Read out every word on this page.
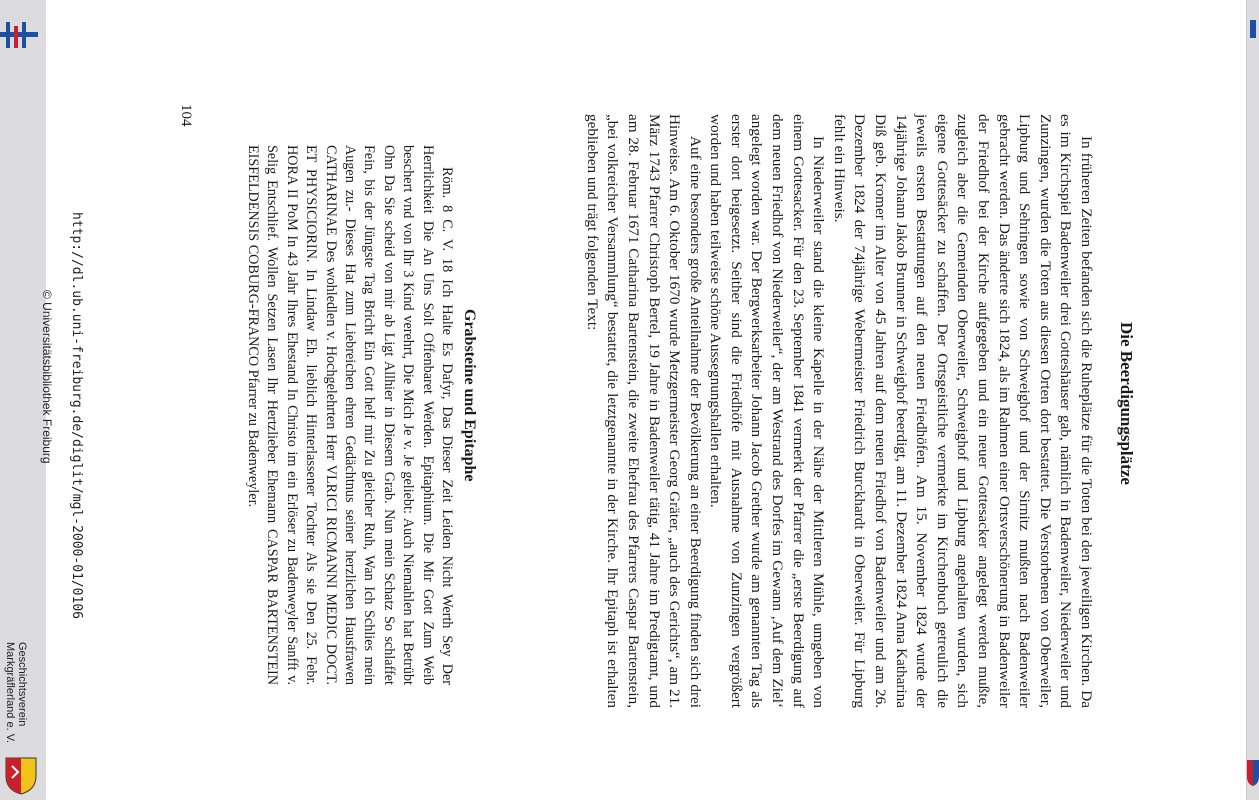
Die Beerdigungsplätze

In früheren Zeiten befanden sich die Ruheplätze für die Toten bei den jeweiligen Kirchen. Da es im Kirchspiel Badenweiler drei Gotteshäuser gab, nämlich in Badenweiler, Niederweiler und Zunzingen, wurden die Toten aus diesen Orten dort bestattet. Die Verstorbenen von Oberweiler, Lipburg und Sehringen sowie von Schweighof und der Sirnitz mußten nach Badenweiler gebracht werden. Das änderte sich 1824, als im Rahmen einer Ortsverschönerung in Badenweiler der Friedhof bei der Kirche aufgegeben und ein neuer Gottesacker angelegt werden mußte, zugleich aber die Gemeinden Oberweiler, Schweighof und Lipburg angehalten wurden, sich eigene Gottesäcker zu schaffen. Der Ortsgeistliche vermerkte im Kirchenbuch getreulich die jeweils ersten Bestattungen auf den neuen Friedhöfen. Am 15. November 1824 wurde der 14jährige Johann Jakob Brunner in Schweighof beerdigt, am 11. Dezember 1824 Anna Katharina Diß geb. Kromer im Alter von 45 Jahren auf dem neuen Friedhof von Badenweiler und am 26. Dezember 1824 der 74jährige Webermeister Friedrich Burckhardt in Oberweiler. Für Lipburg fehlt ein Hinweis.

In Niederweiler stand die kleine Kapelle in der Nähe der Mittleren Mühle, umgeben von einem Gottesacker. Für den 23. September 1841 vermerkt der Pfarrer die „erste Beerdigung auf dem neuen Friedhof von Niederweiler“, der am Westrand des Dorfes im Gewann ‚Auf dem Ziel‘ angelegt worden war. Der Bergwerksarbeiter Johann Jacob Grether wurde am genannten Tag als erster dort beigesetzt. Seither sind die Friedhöfe mit Ausnahme von Zunzingen vergrößert worden und haben teilweise schöne Aussegnungshallen erhalten.

Auf eine besonders große Anteilnahme der Bevölkerung an einer Beerdigung finden sich drei Hinweise. Am 6. Oktober 1670 wurde Metzgermeister Georg Gräter, „auch des Gerichts“, am 21. März 1743 Pfarrer Christoph Bertel, 19 Jahre in Badenweiler tätig, 41 Jahre im Predigtamt, und am 28. Februar 1671 Catharina Bartenstein, die zweite Ehefrau des Pfarrers Caspar Bartenstein, „bei volkreicher Versammlung“ bestattet, die letztgenannte in der Kirche. Ihr Epitaph ist erhalten geblieben und trägt folgenden Text:

Grabsteine und Epitaphe

Röm. 8 C. V. 18 Ich Halte Es Dafyr, Das Dieser Zeit Leiden Nicht Werth Sey Der Herrlichkeit Die An Uns Solt Offenbaret Werden. Epitaphium. Die Mir Gott Zum Weib beschert vnd von Ihr 3 Kind verehrt, Die Mich Je v. Je geliebt: Auch Niemahlen hat Betrübt Ohn Da Sie scheid von mir ab Ligt Allhier in Diesem Grab. Nun mein Schatz So schlaffet Fein, bis der Jüngste Tag Bricht Ein Gott helf mir Zu gleicher Ruh, Wan Ich Schlies mein Augen zu.- Dieses Hat zum Liebreichen ehren Gedächtnus seiner herzlichen Hausfrawen CATHARINAE Des wohledlen v. Hochgelehrten Herr VLRICI RICMANNI MEDIC DOCT. ET PHYSICIORIN. In Lindaw Eh. lieblich Hinterlassener Tochter Als sie Den 25. Febr. HORA II PoM In 43 Jahr Ihres Ehestand In Christo im ein Erlöser zu Badenweyler Sanfft v. Selig Entschlief. Wollen Setzen Lasen Ihr Hertzlieber Ehemann CASPAR BARTENSTEIN EISFELDENSIS COBURG-FRANCO Pfarrer zu Badenweyler.

104
http://dl.ub.uni-freiburg.de/diglit/mgl-2000-01/0106
© Universitätsbibliothek Freiburg
Geschichtsverein
Markgräflerland e. V.
